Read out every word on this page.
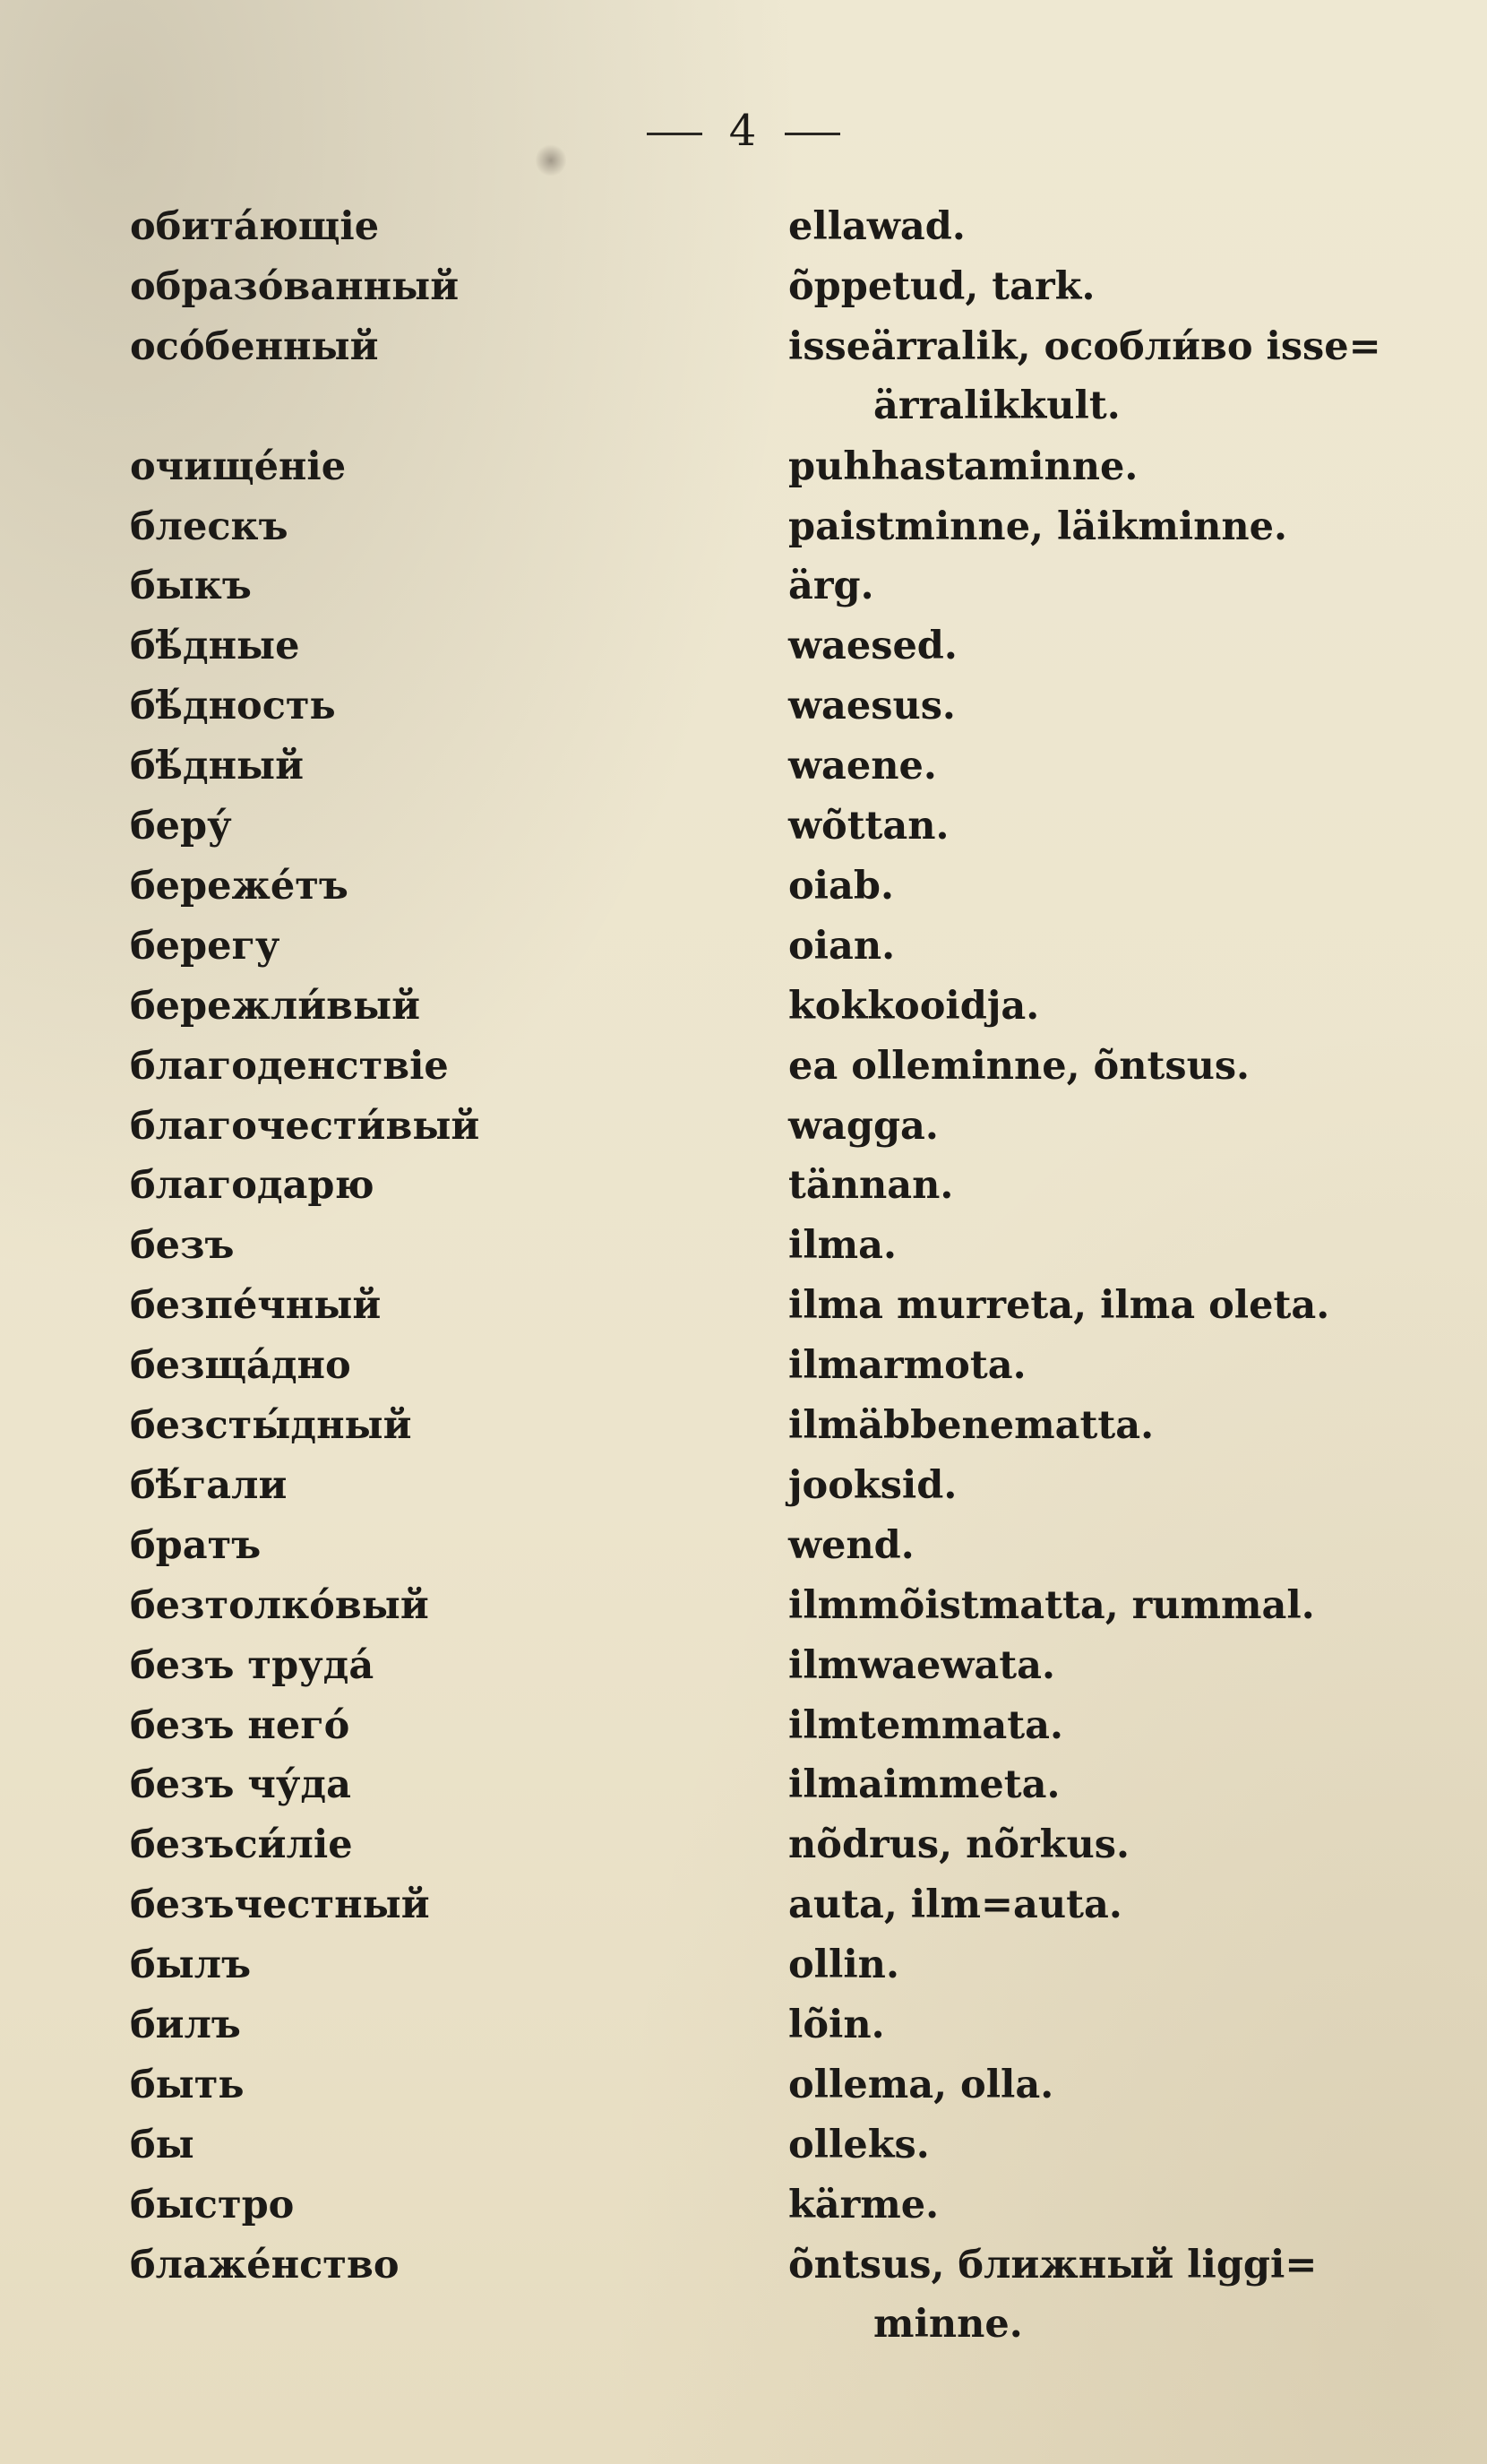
4
обита́ющіе	ellawad.
образо́ванный	õppetud, tark.
осо́бенный	isseärralik, особли́во isse=
ärralikkult.
очище́ніе	puhhastaminne.
блескъ	paistminne, läikminne.
быкъ	ärg.
бѣ́дные	waesed.
бѣ́дность	waesus.
бѣ́дный	waene.
беру́	wõttan.
береже́тъ	oiab.
берегу	oian.
бережли́вый	kokkooidja.
благоденствіе	ea olleminne, õntsus.
благочести́вый	wagga.
благодарю	tännan.
безъ	ilma.
безпе́чный	ilma murreta, ilma oleta.
безща́дно	ilmarmota.
безсты́дный	ilmäbbenematta.
бѣ́гали	jooksid.
братъ	wend.
безтолко́вый	ilmmõistmatta, rummal.
безъ труда́	ilmwaewata.
безъ него́	ilmtemmata.
безъ чу́да	ilmaimmeta.
безъси́ліе	nõdrus, nõrkus.
безъчестный	auta, ilm=auta.
былъ	ollin.
билъ	lõin.
быть	ollema, olla.
бы	olleks.
быстро	kärme.
блаже́нство	õntsus, ближный liggi=
minne.
